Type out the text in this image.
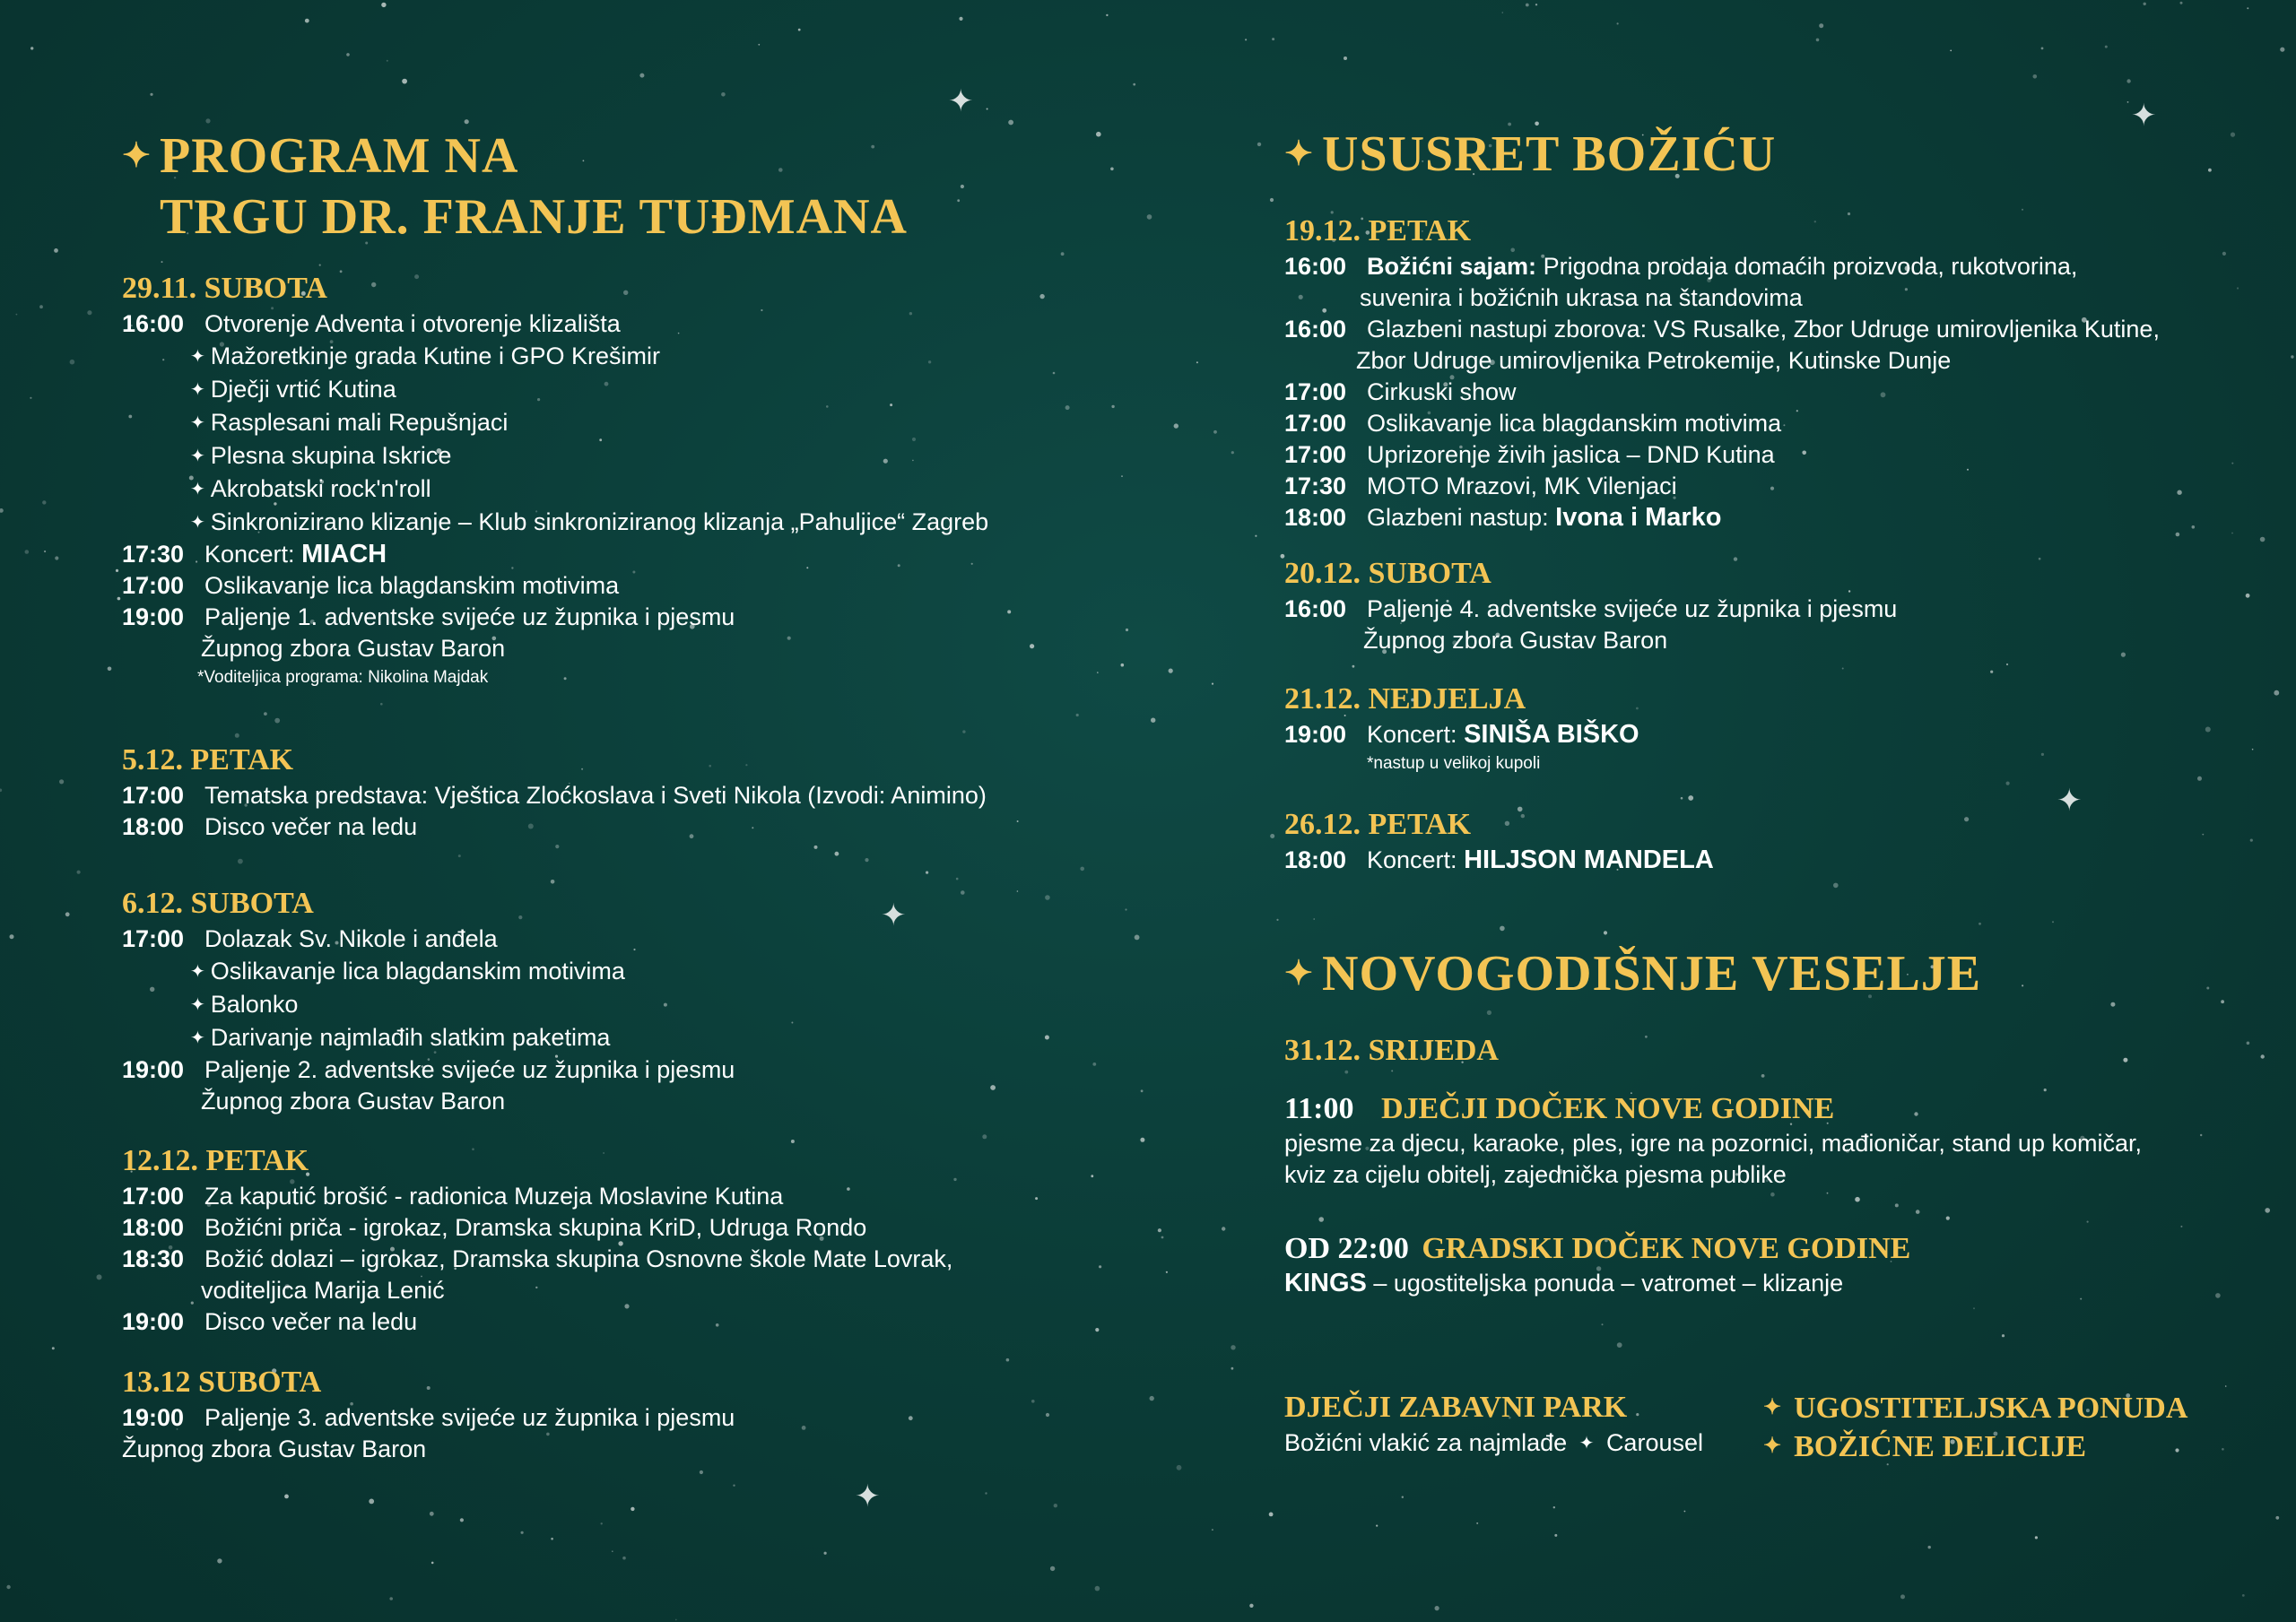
✦	✦
✦
✦
✦
✦ PROGRAM NA
TRGU DR. FRANJE TUĐMANA
29.11. SUBOTA
16:00 Otvorenje Adventa i otvorenje klizališta
✦ Mažoretkinje grada Kutine i GPO Krešimir
✦ Dječji vrtić Kutina
✦ Rasplesani mali Repušnjaci
✦ Plesna skupina Iskrice
✦ Akrobatski rock'n'roll
✦ Sinkronizirano klizanje – Klub sinkroniziranog klizanja „Pahuljice“ Zagreb
17:30 Koncert: MIACH
17:00 Oslikavanje lica blagdanskim motivima
19:00 Paljenje 1. adventske svijeće uz župnika i pjesmu
Župnog zbora Gustav Baron
*Voditeljica programa: Nikolina Majdak
5.12. PETAK
17:00 Tematska predstava: Vještica Zloćkoslava i Sveti Nikola (Izvodi: Animino)
18:00 Disco večer na ledu
6.12. SUBOTA
17:00 Dolazak Sv. Nikole i anđela
✦ Oslikavanje lica blagdanskim motivima
✦ Balonko
✦ Darivanje najmlađih slatkim paketima
19:00 Paljenje 2. adventske svijeće uz župnika i pjesmu
Župnog zbora Gustav Baron
12.12. PETAK
17:00 Za kaputić brošić - radionica Muzeja Moslavine Kutina
18:00 Božićni priča - igrokaz, Dramska skupina KriD, Udruga Rondo
18:30 Božić dolazi – igrokaz, Dramska skupina Osnovne škole Mate Lovrak,
voditeljica Marija Lenić
19:00 Disco večer na ledu
13.12 SUBOTA
19:00 Paljenje 3. adventske svijeće uz župnika i pjesmu
Župnog zbora Gustav Baron
✦ USUSRET BOŽIĆU
19.12. PETAK
16:00 Božićni sajam: Prigodna prodaja domaćih proizvoda, rukotvorina,
suvenira i božićnih ukrasa na štandovima
16:00 Glazbeni nastupi zborova: VS Rusalke, Zbor Udruge umirovljenika Kutine,
Zbor Udruge umirovljenika Petrokemije, Kutinske Dunje
17:00 Cirkuski show
17:00 Oslikavanje lica blagdanskim motivima
17:00 Uprizorenje živih jaslica – DND Kutina
17:30 MOTO Mrazovi, MK Vilenjaci
18:00 Glazbeni nastup: Ivona i Marko
20.12. SUBOTA
16:00 Paljenje 4. adventske svijeće uz župnika i pjesmu
Župnog zbora Gustav Baron
21.12. NEDJELJA
19:00 Koncert: SINIŠA BIŠKO
*nastup u velikoj kupoli
26.12. PETAK
18:00 Koncert: HILJSON MANDELA
✦ NOVOGODIŠNJE VESELJE
31.12. SRIJEDA
11:00 DJEČJI DOČEK NOVE GODINE
pjesme za djecu, karaoke, ples, igre na pozornici, mađioničar, stand up komičar,
kviz za cijelu obitelj, zajednička pjesma publike
OD 22:00 GRADSKI DOČEK NOVE GODINE
KINGS – ugostiteljska ponuda – vatromet – klizanje
DJEČJI ZABAVNI PARK
Božićni vlakić za najmlađe ✦ Carousel
✦ UGOSTITELJSKA PONUDA
✦ BOŽIĆNE DELICIJE
